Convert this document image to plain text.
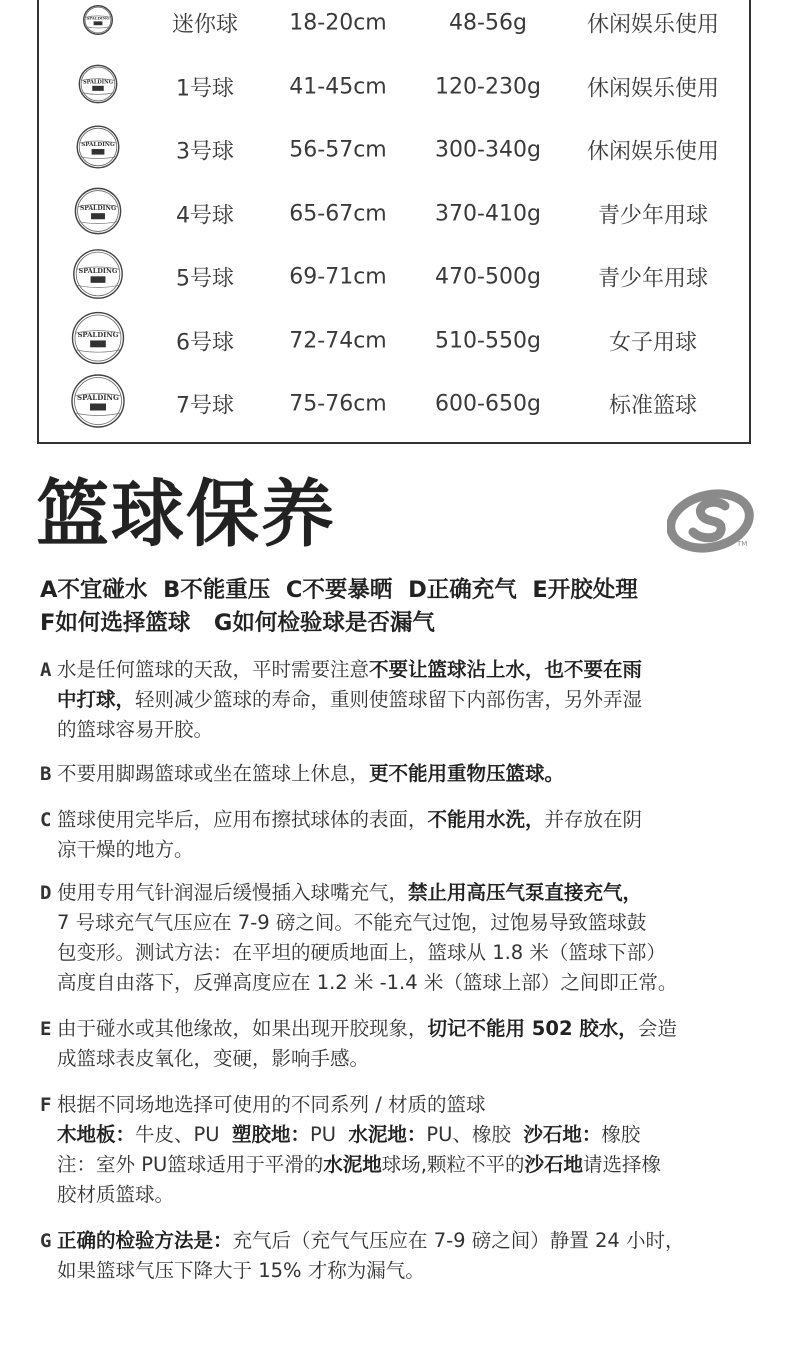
SPALDING	迷你球 18-20cm	48-56g	休闲娱乐使用
SPALDING	1号球	41-45cm 120-230g 休闲娱乐使用
SPALDING	3号球	56-57cm 300-340g 休闲娱乐使用
SPALDING	4号球	65-67cm 370-410g	青少年用球
SPALDING	5号球	69-71cm 470-500g	青少年用球
SPALDING	6号球	72-74cm 510-550g	女子用球
SPALDING	7号球	75-76cm 600-650g	标准篮球
篮球保养	TM
A不宜碰水  B不能重压  C不要暴晒  D正确充气  E开胶处理
F如何选择篮球   G如何检验球是否漏气
A 水是任何篮球的天敌，平时需要注意不要让篮球沾上水，也不要在雨
中打球，轻则减少篮球的寿命，重则使篮球留下内部伤害，另外弄湿
的篮球容易开胶。
B 不要用脚踢篮球或坐在篮球上休息，更不能用重物压篮球。
C 篮球使用完毕后，应用布擦拭球体的表面，不能用水洗，并存放在阴
凉干燥的地方。
D 使用专用气针润湿后缓慢插入球嘴充气，禁止用高压气泵直接充气，
7 号球充气气压应在 7-9 磅之间。不能充气过饱，过饱易导致篮球鼓
包变形。测试方法：在平坦的硬质地面上，篮球从 1.8 米（篮球下部）
高度自由落下，反弹高度应在 1.2 米 -1.4 米（篮球上部）之间即正常。
E 由于碰水或其他缘故，如果出现开胶现象，切记不能用 502 胶水，会造
成篮球表皮氧化，变硬，影响手感。
F 根据不同场地选择可使用的不同系列 / 材质的篮球
木地板：牛皮、PU  塑胶地：PU  水泥地：PU、橡胶  沙石地：橡胶
注：室外 PU篮球适用于平滑的水泥地球场,颗粒不平的沙石地请选择橡
胶材质篮球。
G 正确的检验方法是：充气后（充气气压应在 7-9 磅之间）静置 24 小时，
如果篮球气压下降大于 15% 才称为漏气。
